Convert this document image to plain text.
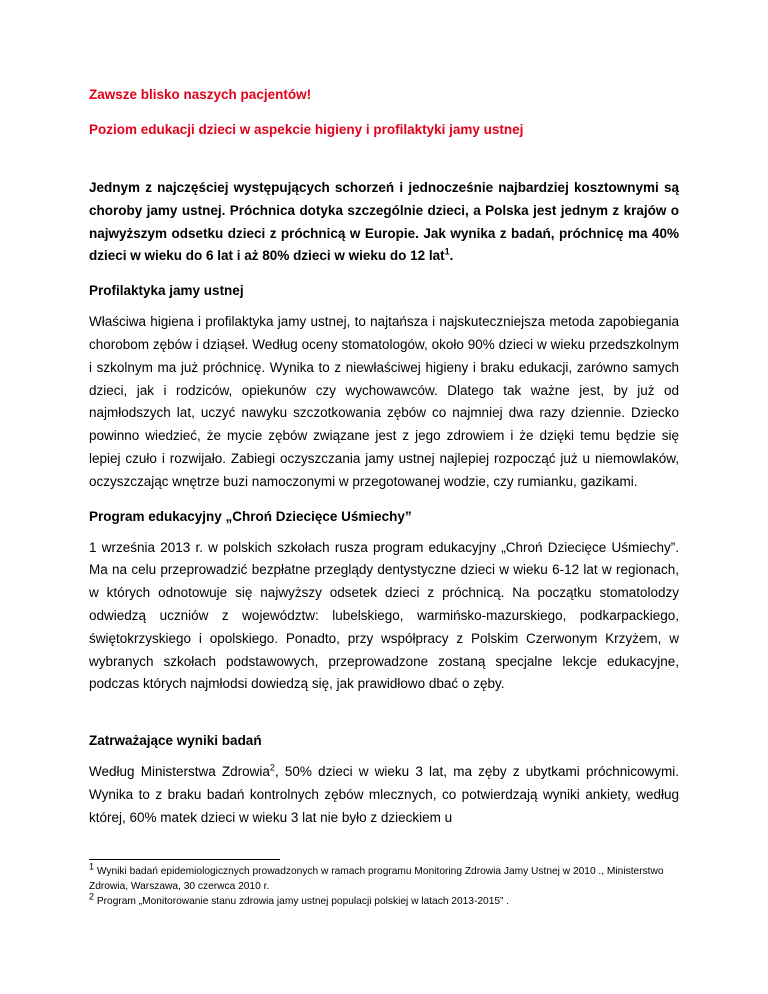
Zawsze blisko naszych pacjentów!

Poziom edukacji dzieci w aspekcie higieny i profilaktyki jamy ustnej

Jednym z najczęściej występujących schorzeń i jednocześnie najbardziej kosztownymi są choroby jamy ustnej. Próchnica dotyka szczególnie dzieci, a Polska jest jednym z krajów o najwyższym odsetku dzieci z próchnicą w Europie. Jak wynika z badań, próchnicę ma 40% dzieci w wieku do 6 lat i aż 80% dzieci w wieku do 12 lat$^1$.

Profilaktyka jamy ustnej

Właściwa higiena i profilaktyka jamy ustnej, to najtańsza i najskuteczniejsza metoda zapobiegania chorobom zębów i dziąseł. Według oceny stomatologów, około 90% dzieci w wieku przedszkolnym i szkolnym ma już próchnicę. Wynika to z niewłaściwej higieny i braku edukacji, zarówno samych dzieci, jak i rodziców, opiekunów czy wychowawców. Dlatego tak ważne jest, by już od najmłodszych lat, uczyć nawyku szczotkowania zębów co najmniej dwa razy dziennie. Dziecko powinno wiedzieć, że mycie zębów związane jest z jego zdrowiem i że dzięki temu będzie się lepiej czuło i rozwijało. Zabiegi oczyszczania jamy ustnej najlepiej rozpocząć już u niemowlaków, oczyszczając wnętrze buzi namoczonymi w przegotowanej wodzie, czy rumianku, gazikami.

Program edukacyjny „Chroń Dziecięce Uśmiechy”

1 września 2013 r. w polskich szkołach rusza program edukacyjny „Chroń Dziecięce Uśmiechy”. Ma na celu przeprowadzić bezpłatne przeglądy dentystyczne dzieci w wieku 6-12 lat w regionach, w których odnotowuje się najwyższy odsetek dzieci z próchnicą. Na początku stomatolodzy odwiedzą uczniów z województw: lubelskiego, warmińsko-mazurskiego, podkarpackiego, świętokrzyskiego i opolskiego. Ponadto, przy współpracy z Polskim Czerwonym Krzyżem, w wybranych szkołach podstawowych, przeprowadzone zostaną specjalne lekcje edukacyjne, podczas których najmłodsi dowiedzą się, jak prawidłowo dbać o zęby.

Zatrważające wyniki badań

Według Ministerstwa Zdrowia$^2$, 50% dzieci w wieku 3 lat, ma zęby z ubytkami próchnicowymi. Wynika to z braku badań kontrolnych zębów mlecznych, co potwierdzają wyniki ankiety, według której, 60% matek dzieci w wieku 3 lat nie było z dzieckiem u

$^1$ Wyniki badań epidemiologicznych prowadzonych w ramach programu Monitoring Zdrowia Jamy Ustnej w 2010 ., Ministerstwo Zdrowia, Warszawa, 30 czerwca 2010 r.

$^2$ Program „Monitorowanie stanu zdrowia jamy ustnej populacji polskiej w latach 2013-2015” .
